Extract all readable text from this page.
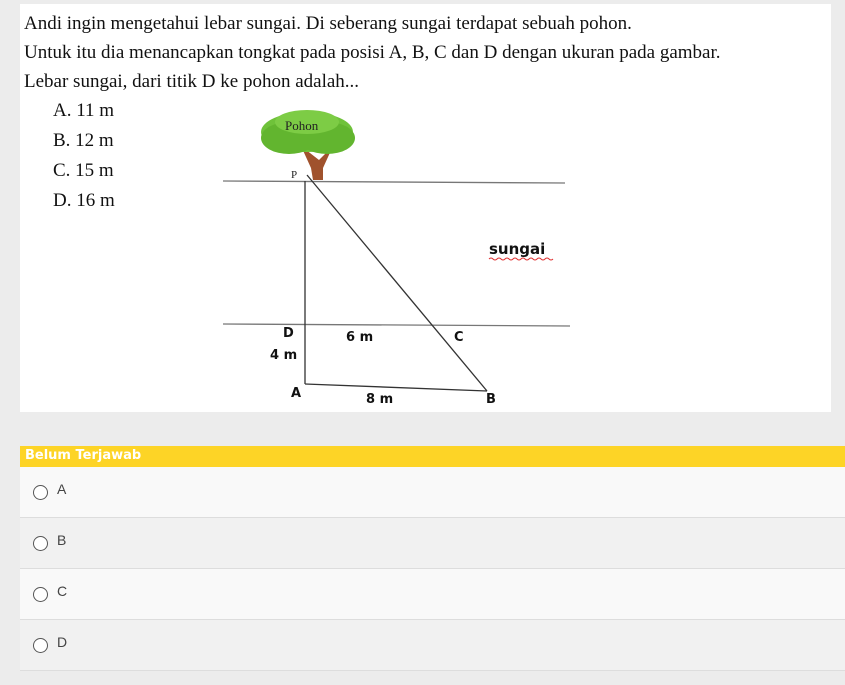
Andi ingin mengetahui lebar sungai. Di seberang sungai terdapat sebuah pohon.

Untuk itu dia menancapkan tongkat pada posisi A, B, C dan D dengan ukuran pada gambar.

Lebar sungai, dari titik D ke pohon adalah...

A. 11 m
B. 12 m
C. 15 m
D. 16 m
Pohon
P
sungai
D	6 m	C
4 m
A	8 m	B
Belum Terjawab
A
B
C
D
